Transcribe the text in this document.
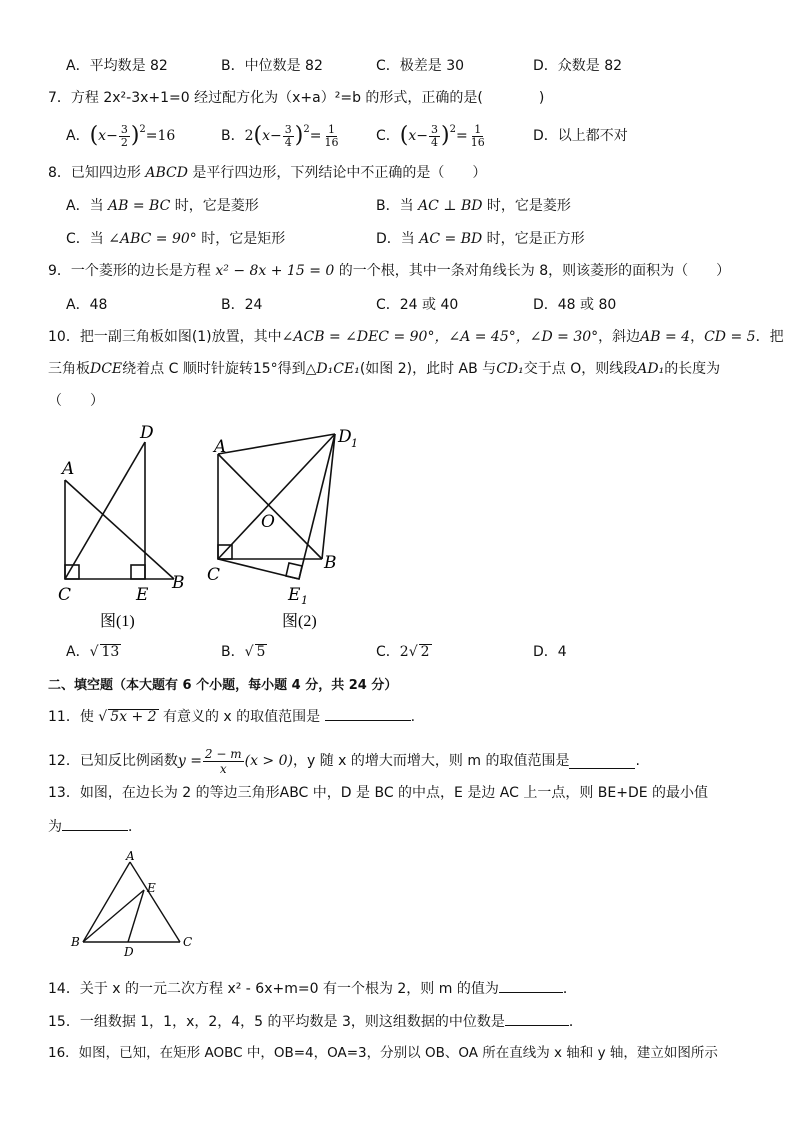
A．平均数是 82	B．中位数是 82	C．极差是 30	D．众数是 82
7．方程 2x²-3x+1=0 经过配方化为（x+a）²=b 的形式，正确的是(	)
A． ( $x - \frac{3}{2}$ ) 2 =16	B． 2 ( $x - \frac{3}{4}$ ) $2 = \frac{1}{16}$	C． ( $x - \frac{3}{4}$ ) $2 = \frac{1}{16}$	D．以上都不对
8．已知四边形 ABCD 是平行四边形，下列结论中不正确的是（　　）
A．当 AB = BC 时，它是菱形	B．当 AC ⊥ BD 时，它是菱形
C．当 ∠ABC = 90° 时，它是矩形	D．当 AC = BD 时，它是正方形
9．一个菱形的边长是方程 x² − 8x + 15 = 0 的一个根，其中一条对角线长为 8，则该菱形的面积为（　　）
A．48	B．24	C．24 或 40	D．48 或 80
10．把一副三角板如图(1)放置，其中∠ACB = ∠DEC = 90°，∠A = 45°，∠D = 30°，斜边AB = 4，CD = 5．把
三角板DCE绕着点 C 顺时针旋转15°得到△D₁CE₁(如图 2)，此时 AB 与CD₁交于点 O，则线段AD₁的长度为
（　　）
A
D
C	E
B
图(1)
A	D 1
O
C
B
E 1
图(2)
A．√ 13	B．√ 5	C．2√ 2	D．4
二、填空题（本大题有 6 个小题，每小题 4 分，共 24 分）
11．使 √ 5x + 2 有意义的 x 的取值范围是	.
12．已知反比例函数 $y = \frac{2 - m}{x} (x > 0)$ ，y 随 x 的增大而增大，则 m 的取值范围是	.
13．如图，在边长为 2 的等边三角形ABC 中，D 是 BC 的中点，E 是边 AC 上一点，则 BE+DE 的最小值
为	．
A
E
B
D
C
14．关于 x 的一元二次方程 x² - 6x+m=0 有一个根为 2，则 m 的值为	．
15．一组数据 1，1，x，2，4，5 的平均数是 3，则这组数据的中位数是	．
16．如图，已知，在矩形 AOBC 中，OB=4，OA=3，分别以 OB、OA 所在直线为 x 轴和 y 轴，建立如图所示
